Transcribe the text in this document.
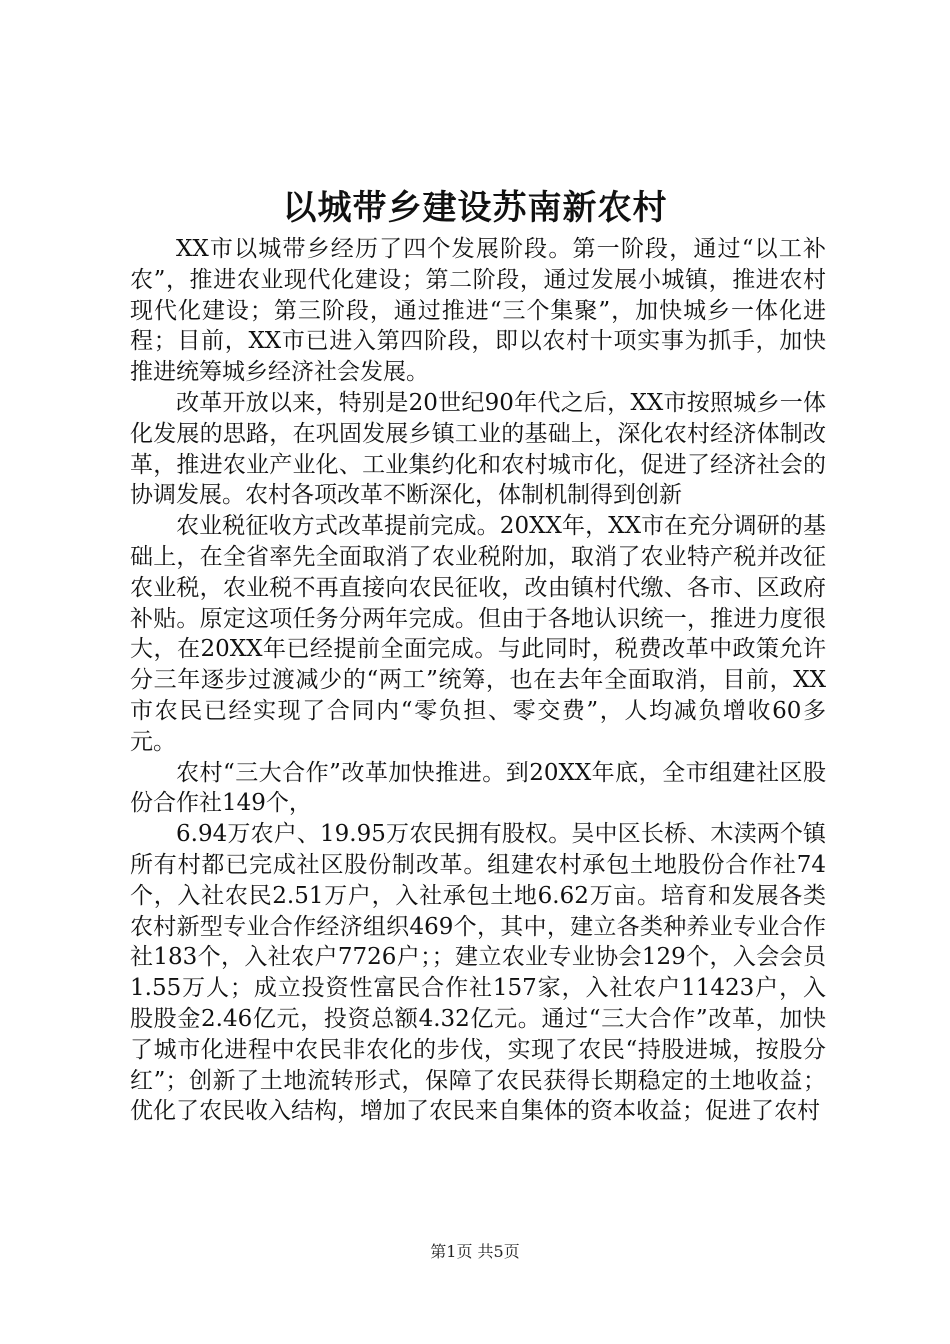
以城带乡建设苏南新农村

XX市以城带乡经历了四个发展阶段。第一阶段，通过“以工补农”，推进农业现代化建设；第二阶段，通过发展小城镇，推进农村现代化建设；第三阶段，通过推进“三个集聚”，加快城乡一体化进程；目前，XX市已进入第四阶段，即以农村十项实事为抓手，加快推进统筹城乡经济社会发展。

改革开放以来，特别是20世纪90年代之后，XX市按照城乡一体化发展的思路，在巩固发展乡镇工业的基础上，深化农村经济体制改革，推进农业产业化、工业集约化和农村城市化，促进了经济社会的协调发展。农村各项改革不断深化，体制机制得到创新

农业税征收方式改革提前完成。20XX年，XX市在充分调研的基础上，在全省率先全面取消了农业税附加，取消了农业特产税并改征农业税，农业税不再直接向农民征收，改由镇村代缴、各市、区政府补贴。原定这项任务分两年完成。但由于各地认识统一，推进力度很大，在20XX年已经提前全面完成。与此同时，税费改革中政策允许分三年逐步过渡减少的“两工”统筹，也在去年全面取消，目前，XX市农民已经实现了合同内“零负担、零交费”，人均减负增收60多元。

农村“三大合作”改革加快推进。到20XX年底，全市组建社区股份合作社149个，

6.94万农户、19.95万农民拥有股权。吴中区长桥、木渎两个镇所有村都已完成社区股份制改革。组建农村承包土地股份合作社74个，入社农民2.51万户，入社承包土地6.62万亩。培育和发展各类农村新型专业合作经济组织469个，其中，建立各类种养业专业合作社183个，入社农户7726户；；建立农业专业协会129个，入会会员1.55万人；成立投资性富民合作社157家，入社农户11423户，入股股金2.46亿元，投资总额4.32亿元。通过“三大合作”改革，加快了城市化进程中农民非农化的步伐，实现了农民“持股进城，按股分红”；创新了土地流转形式，保障了农民获得长期稳定的土地收益；优化了农民收入结构，增加了农民来自集体的资本收益；促进了农村

第1页 共5页
